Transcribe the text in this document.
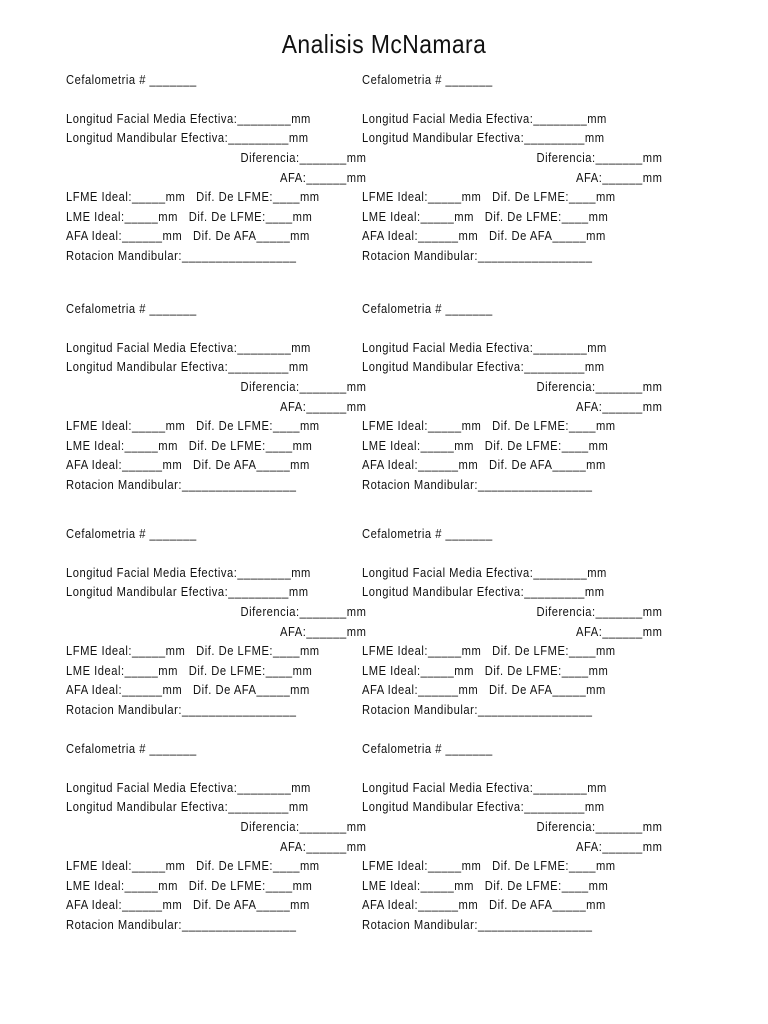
Analisis McNamara
Cefalometria # _______
Longitud Facial Media Efectiva:________mm
Longitud Mandibular Efectiva:_________mm
Diferencia:_______mm
AFA:______mm
LFME Ideal:_____mm   Dif. De LFME:____mm
LME Ideal:_____mm   Dif. De LFME:____mm
AFA Ideal:______mm   Dif. De AFA_____mm
Rotacion Mandibular:_________________
Cefalometria # _______
Longitud Facial Media Efectiva:________mm
Longitud Mandibular Efectiva:_________mm
Diferencia:_______mm
AFA:______mm
LFME Ideal:_____mm   Dif. De LFME:____mm
LME Ideal:_____mm   Dif. De LFME:____mm
AFA Ideal:______mm   Dif. De AFA_____mm
Rotacion Mandibular:_________________
Cefalometria # _______
Longitud Facial Media Efectiva:________mm
Longitud Mandibular Efectiva:_________mm
Diferencia:_______mm
AFA:______mm
LFME Ideal:_____mm   Dif. De LFME:____mm
LME Ideal:_____mm   Dif. De LFME:____mm
AFA Ideal:______mm   Dif. De AFA_____mm
Rotacion Mandibular:_________________
Cefalometria # _______
Longitud Facial Media Efectiva:________mm
Longitud Mandibular Efectiva:_________mm
Diferencia:_______mm
AFA:______mm
LFME Ideal:_____mm   Dif. De LFME:____mm
LME Ideal:_____mm   Dif. De LFME:____mm
AFA Ideal:______mm   Dif. De AFA_____mm
Rotacion Mandibular:_________________
Cefalometria # _______
Longitud Facial Media Efectiva:________mm
Longitud Mandibular Efectiva:_________mm
Diferencia:_______mm
AFA:______mm
LFME Ideal:_____mm   Dif. De LFME:____mm
LME Ideal:_____mm   Dif. De LFME:____mm
AFA Ideal:______mm   Dif. De AFA_____mm
Rotacion Mandibular:_________________
Cefalometria # _______
Longitud Facial Media Efectiva:________mm
Longitud Mandibular Efectiva:_________mm
Diferencia:_______mm
AFA:______mm
LFME Ideal:_____mm   Dif. De LFME:____mm
LME Ideal:_____mm   Dif. De LFME:____mm
AFA Ideal:______mm   Dif. De AFA_____mm
Rotacion Mandibular:_________________
Cefalometria # _______
Longitud Facial Media Efectiva:________mm
Longitud Mandibular Efectiva:_________mm
Diferencia:_______mm
AFA:______mm
LFME Ideal:_____mm   Dif. De LFME:____mm
LME Ideal:_____mm   Dif. De LFME:____mm
AFA Ideal:______mm   Dif. De AFA_____mm
Rotacion Mandibular:_________________
Cefalometria # _______
Longitud Facial Media Efectiva:________mm
Longitud Mandibular Efectiva:_________mm
Diferencia:_______mm
AFA:______mm
LFME Ideal:_____mm   Dif. De LFME:____mm
LME Ideal:_____mm   Dif. De LFME:____mm
AFA Ideal:______mm   Dif. De AFA_____mm
Rotacion Mandibular:_________________
